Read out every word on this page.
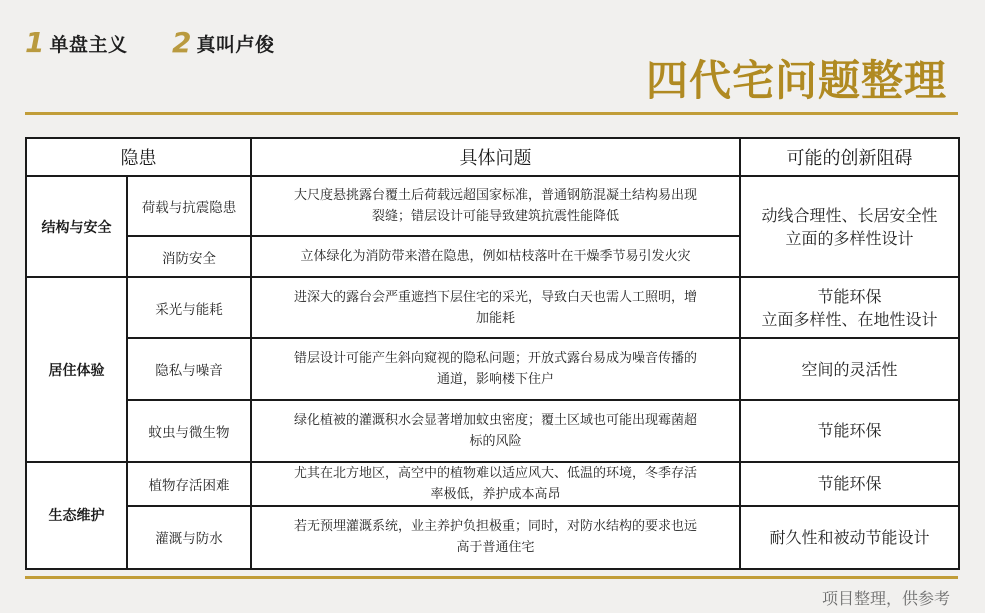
1 单盘主义 2 真叫卢俊
四代宅问题整理
隐患		具体问题	可能的创新阻碍
结构与安全	荷载与抗震隐患	大尺度悬挑露台覆土后荷载远超国家标准，普通钢筋混凝土结构易出现裂缝；错层设计可能导致建筑抗震性能降低	动线合理性、长居安全性
立面的多样性设计

	消防安全	立体绿化为消防带来潜在隐患，例如枯枝落叶在干燥季节易引发火灾	
居住体验	采光与能耗	进深大的露台会严重遮挡下层住宅的采光，导致白天也需人工照明，增加能耗	节能环保
立面多样性、在地性设计

	隐私与噪音	错层设计可能产生斜向窥视的隐私问题；开放式露台易成为噪音传播的通道，影响楼下住户	空间的灵活性
	蚊虫与微生物	绿化植被的灌溉积水会显著增加蚊虫密度；覆土区域也可能出现霉菌超标的风险	节能环保
生态维护	植物存活困难	尤其在北方地区，高空中的植物难以适应风大、低温的环境，冬季存活率极低，养护成本高昂	节能环保
	灌溉与防水	若无预埋灌溉系统，业主养护负担极重；同时，对防水结构的要求也远高于普通住宅	耐久性和被动节能设计
项目整理，供参考
